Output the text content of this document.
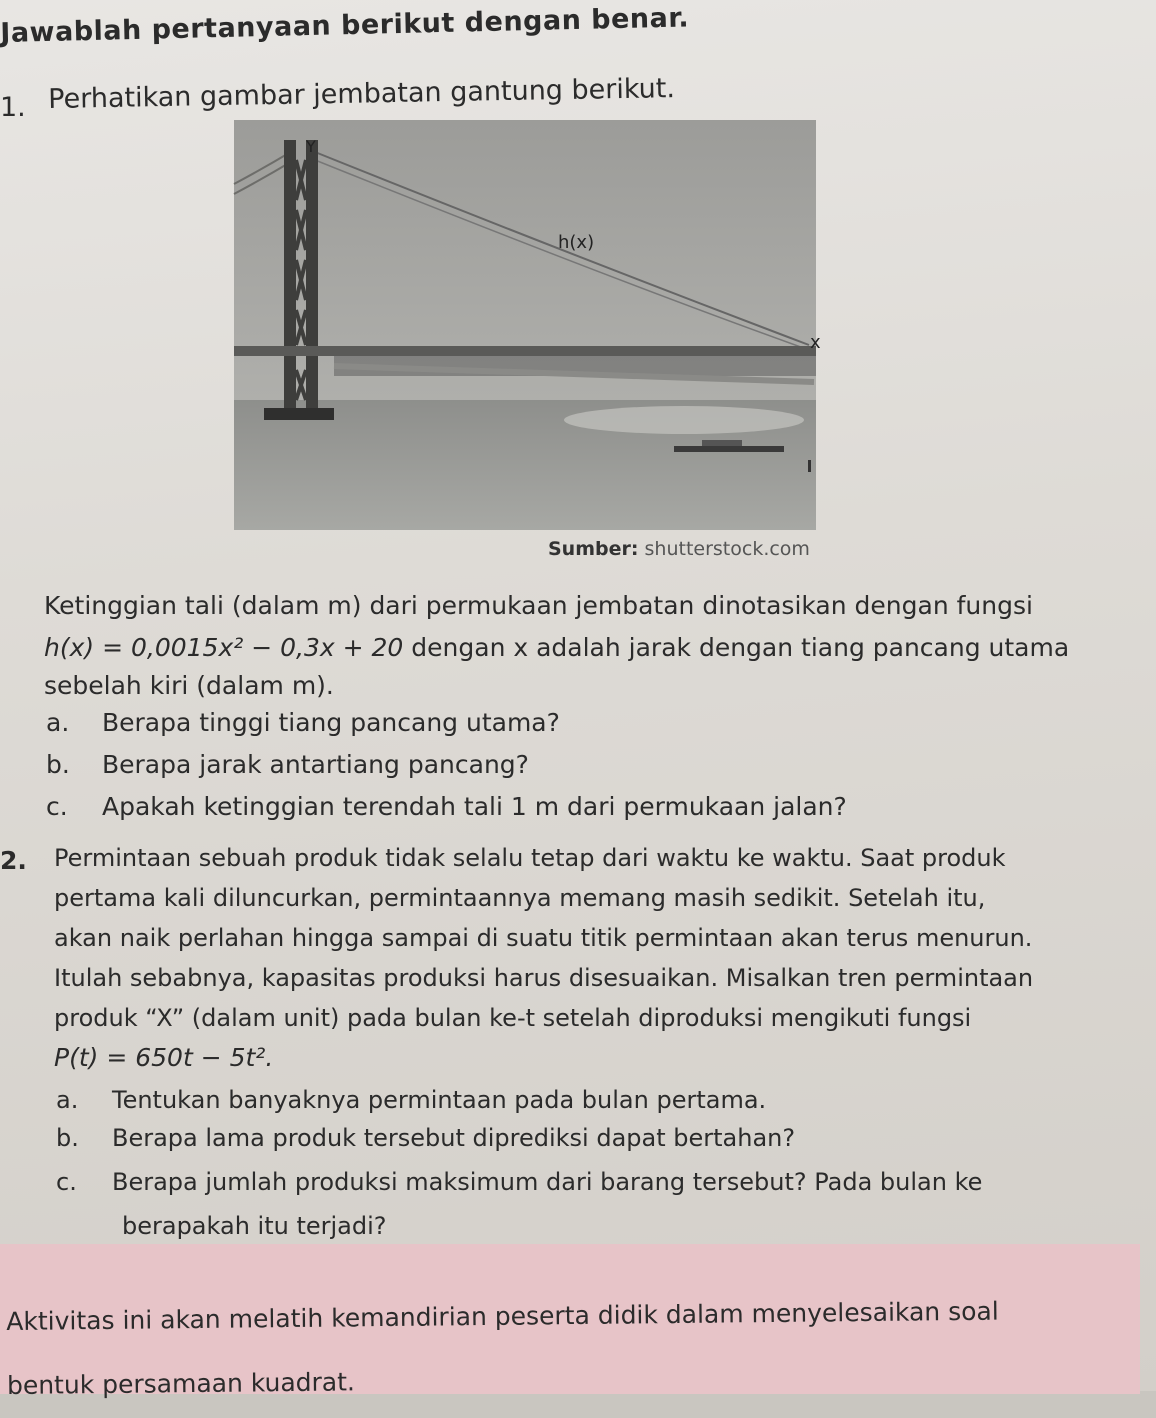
Jawablah pertanyaan berikut dengan benar.
1. Perhatikan gambar jembatan gantung berikut.
Y
h(x)
x
Sumber: shutterstock.com
Ketinggian tali (dalam m) dari permukaan jembatan dinotasikan dengan fungsi
h(x) = 0,0015x² − 0,3x + 20 dengan x adalah jarak dengan tiang pancang utama
sebelah kiri (dalam m).
a. Berapa tinggi tiang pancang utama?
b. Berapa jarak antartiang pancang?
c. Apakah ketinggian terendah tali 1 m dari permukaan jalan?
2. Permintaan sebuah produk tidak selalu tetap dari waktu ke waktu. Saat produk
pertama kali diluncurkan, permintaannya memang masih sedikit. Setelah itu,
akan naik perlahan hingga sampai di suatu titik permintaan akan terus menurun.
Itulah sebabnya, kapasitas produksi harus disesuaikan. Misalkan tren permintaan
produk “X” (dalam unit) pada bulan ke-t setelah diproduksi mengikuti fungsi
P(t) = 650t − 5t².
a. Tentukan banyaknya permintaan pada bulan pertama.
b. Berapa lama produk tersebut diprediksi dapat bertahan?
c. Berapa jumlah produksi maksimum dari barang tersebut? Pada bulan ke
berapakah itu terjadi?
Aktivitas ini akan melatih kemandirian peserta didik dalam menyelesaikan soal
bentuk persamaan kuadrat.
